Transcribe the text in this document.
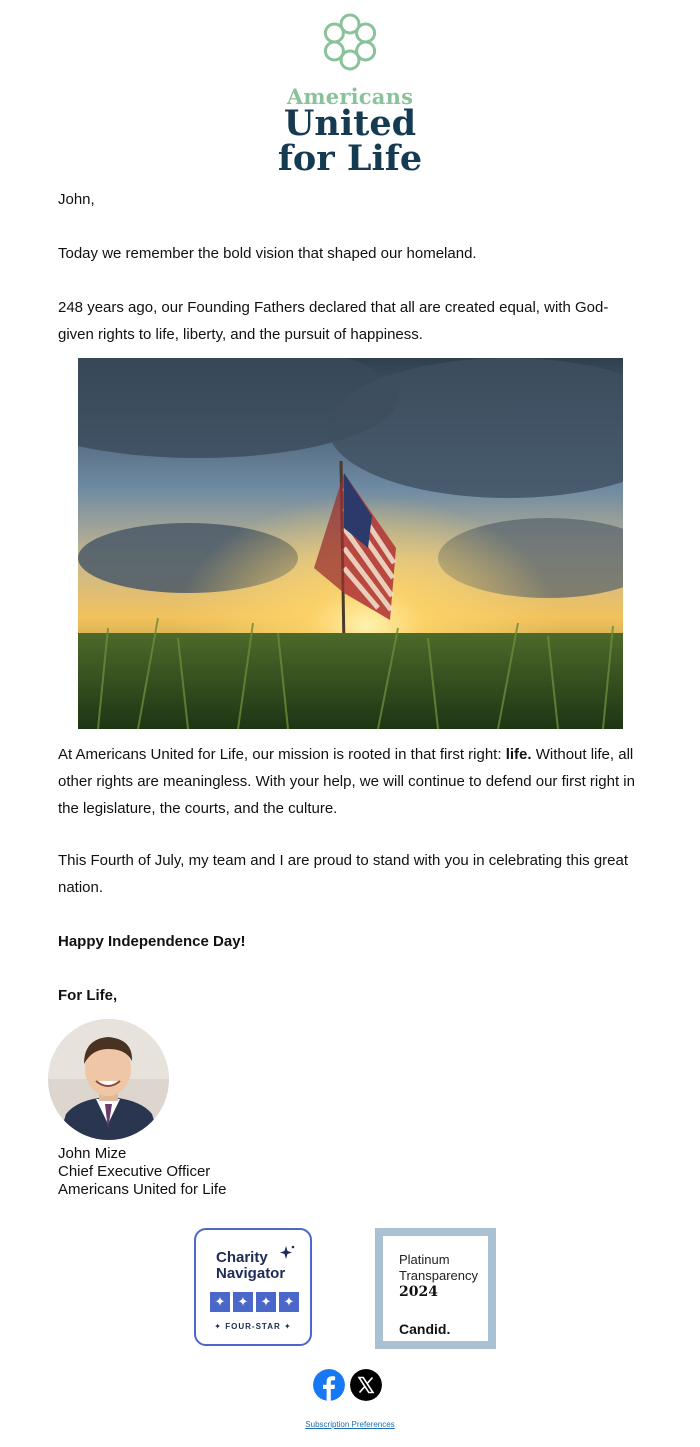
Americans
United
for Life
John,
Today we remember the bold vision that shaped our homeland.
248 years ago, our Founding Fathers declared that all are created equal, with God-
given rights to life, liberty, and the pursuit of happiness.
At Americans United for Life, our mission is rooted in that first right: life. Without life, all
other rights are meaningless. With your help, we will continue to defend our first right in
the legislature, the courts, and the culture.
This Fourth of July, my team and I are proud to stand with you in celebrating this great
nation.
Happy Independence Day!
For Life,
John Mize
Chief Executive Officer
Americans United for Life
Charity
Navigator
✦ ✦ ✦ ✦
✦ FOUR-STAR ✦
Platinum
Transparency
2024
Candid.
Subscription Preferences
